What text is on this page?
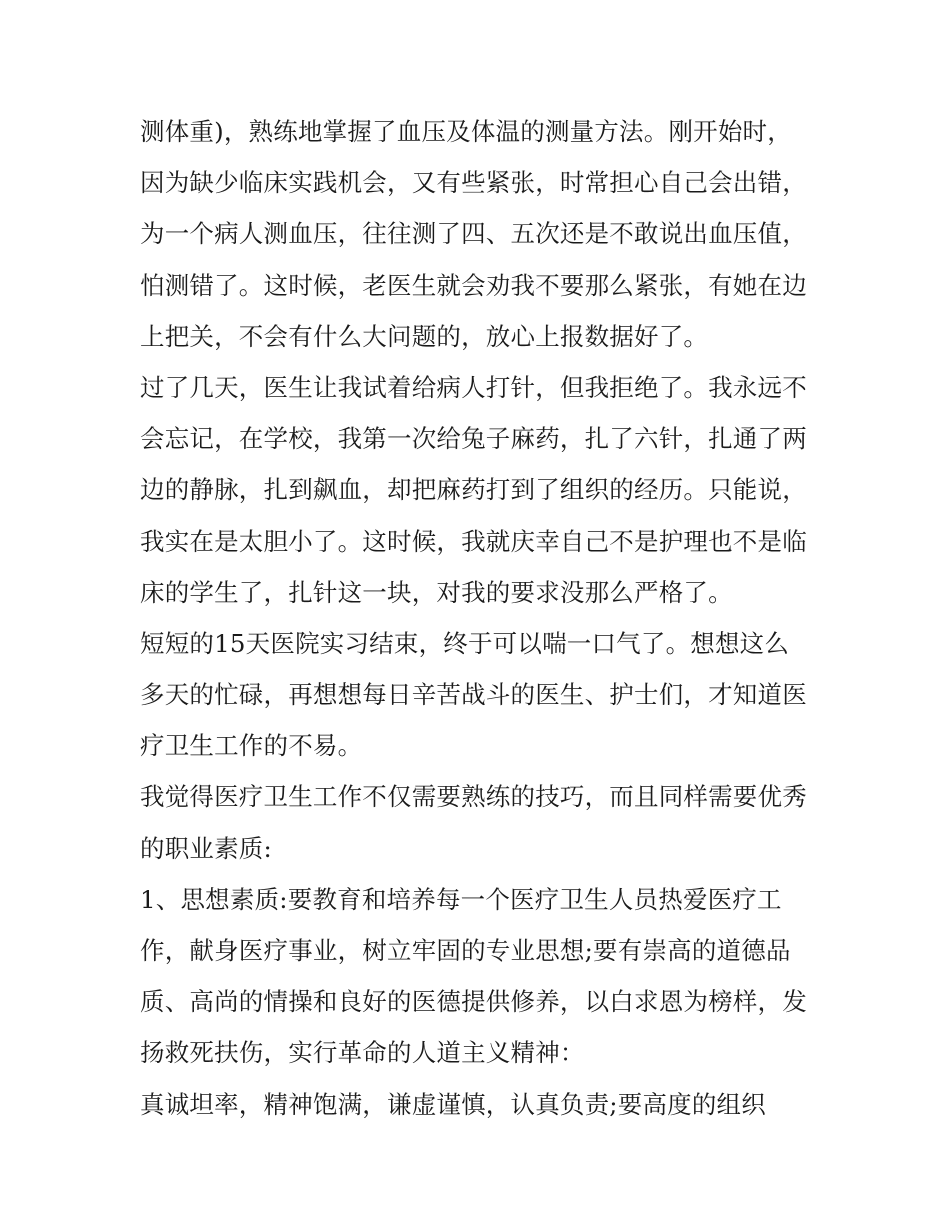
测体重)，熟练地掌握了血压及体温的测量方法。刚开始时，
因为缺少临床实践机会，又有些紧张，时常担心自己会出错，
为一个病人测血压，往往测了四、五次还是不敢说出血压值，
怕测错了。这时候，老医生就会劝我不要那么紧张，有她在边
上把关，不会有什么大问题的，放心上报数据好了。
过了几天，医生让我试着给病人打针，但我拒绝了。我永远不
会忘记，在学校，我第一次给兔子麻药，扎了六针，扎通了两
边的静脉，扎到飙血，却把麻药打到了组织的经历。只能说，
我实在是太胆小了。这时候，我就庆幸自己不是护理也不是临
床的学生了，扎针这一块，对我的要求没那么严格了。
短短的15天医院实习结束，终于可以喘一口气了。想想这么
多天的忙碌，再想想每日辛苦战斗的医生、护士们，才知道医
疗卫生工作的不易。
我觉得医疗卫生工作不仅需要熟练的技巧，而且同样需要优秀
的职业素质:
1、思想素质:要教育和培养每一个医疗卫生人员热爱医疗工
作，献身医疗事业，树立牢固的专业思想;要有崇高的道德品
质、高尚的情操和良好的医德提供修养，以白求恩为榜样，发
扬救死扶伤，实行革命的人道主义精神：
真诚坦率，精神饱满，谦虚谨慎，认真负责;要高度的组织
